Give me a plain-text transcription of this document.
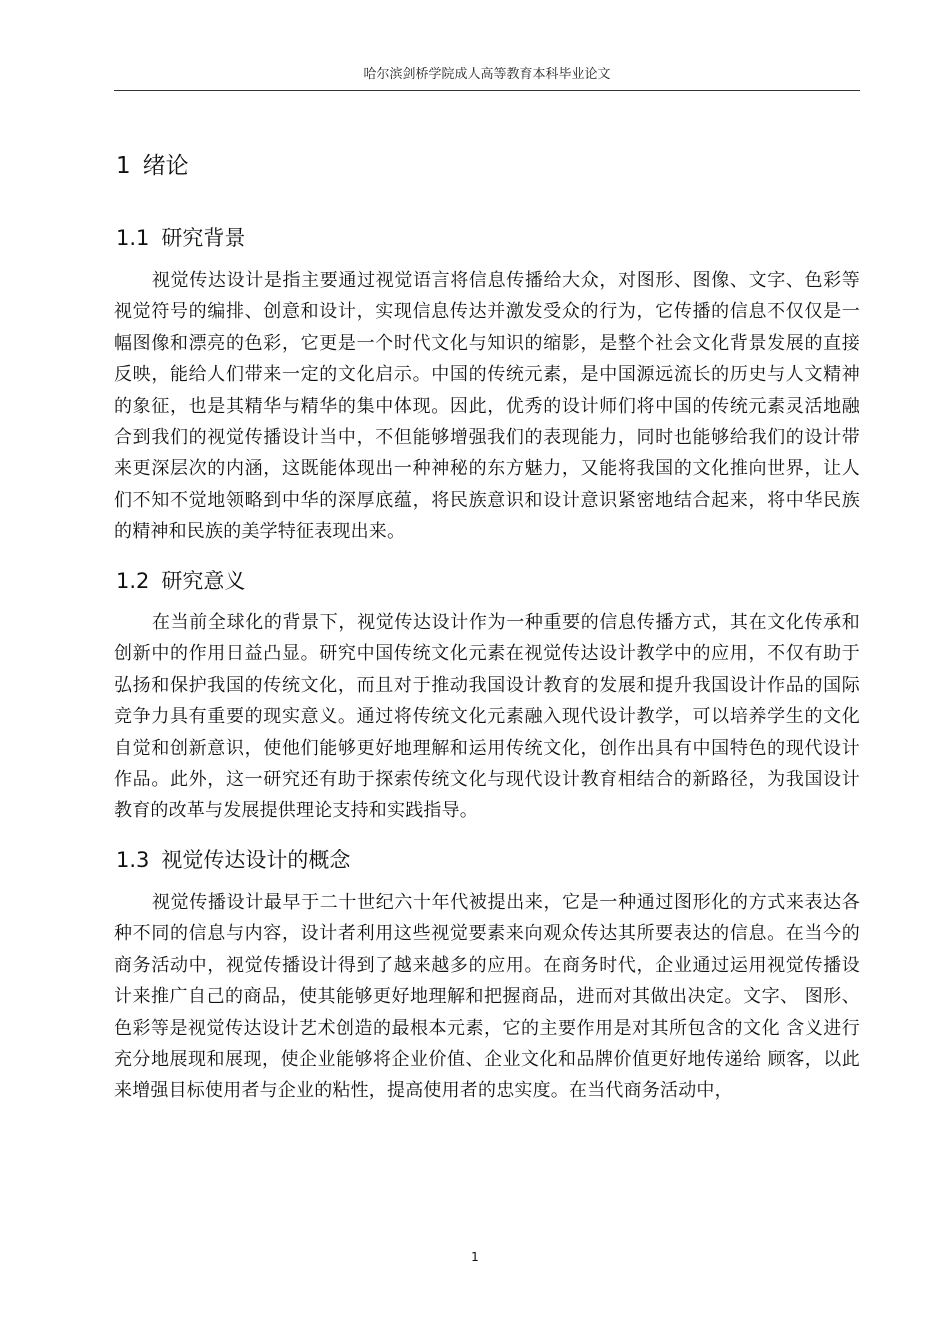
哈尔滨剑桥学院成人高等教育本科毕业论文
1 绪论
1.1 研究背景

视觉传达设计是指主要通过视觉语言将信息传播给大众，对图形、图像、文字、色彩等视觉符号的编排、创意和设计，实现信息传达并激发受众的行为，它传播的信息不仅仅是一幅图像和漂亮的色彩，它更是一个时代文化与知识的缩影，是整个社会文化背景发展的直接反映，能给人们带来一定的文化启示。中国的传统元素，是中国源远流长的历史与人文精神的象征，也是其精华与精华的集中体现。因此，优秀的设计师们将中国的传统元素灵活地融合到我们的视觉传播设计当中，不但能够增强我们的表现能力，同时也能够给我们的设计带来更深层次的内涵，这既能体现出一种神秘的东方魅力，又能将我国的文化推向世界，让人们不知不觉地领略到中华的深厚底蕴，将民族意识和设计意识紧密地结合起来，将中华民族的精神和民族的美学特征表现出来。

1.2 研究意义

在当前全球化的背景下，视觉传达设计作为一种重要的信息传播方式，其在文化传承和创新中的作用日益凸显。研究中国传统文化元素在视觉传达设计教学中的应用，不仅有助于弘扬和保护我国的传统文化，而且对于推动我国设计教育的发展和提升我国设计作品的国际竞争力具有重要的现实意义。通过将传统文化元素融入现代设计教学，可以培养学生的文化自觉和创新意识，使他们能够更好地理解和运用传统文化，创作出具有中国特色的现代设计作品。此外，这一研究还有助于探索传统文化与现代设计教育相结合的新路径，为我国设计教育的改革与发展提供理论支持和实践指导。

1.3 视觉传达设计的概念

视觉传播设计最早于二十世纪六十年代被提出来，它是一种通过图形化的方式来表达各种不同的信息与内容，设计者利用这些视觉要素来向观众传达其所要表达的信息。在当今的商务活动中，视觉传播设计得到了越来越多的应用。在商务时代，企业通过运用视觉传播设计来推广自己的商品，使其能够更好地理解和把握商品，进而对其做出决定。文字、 图形、色彩等是视觉传达设计艺术创造的最根本元素，它的主要作用是对其所包含的文化 含义进行充分地展现和展现，使企业能够将企业价值、企业文化和品牌价值更好地传递给 顾客，以此来增强目标使用者与企业的粘性，提高使用者的忠实度。在当代商务活动中，

1
